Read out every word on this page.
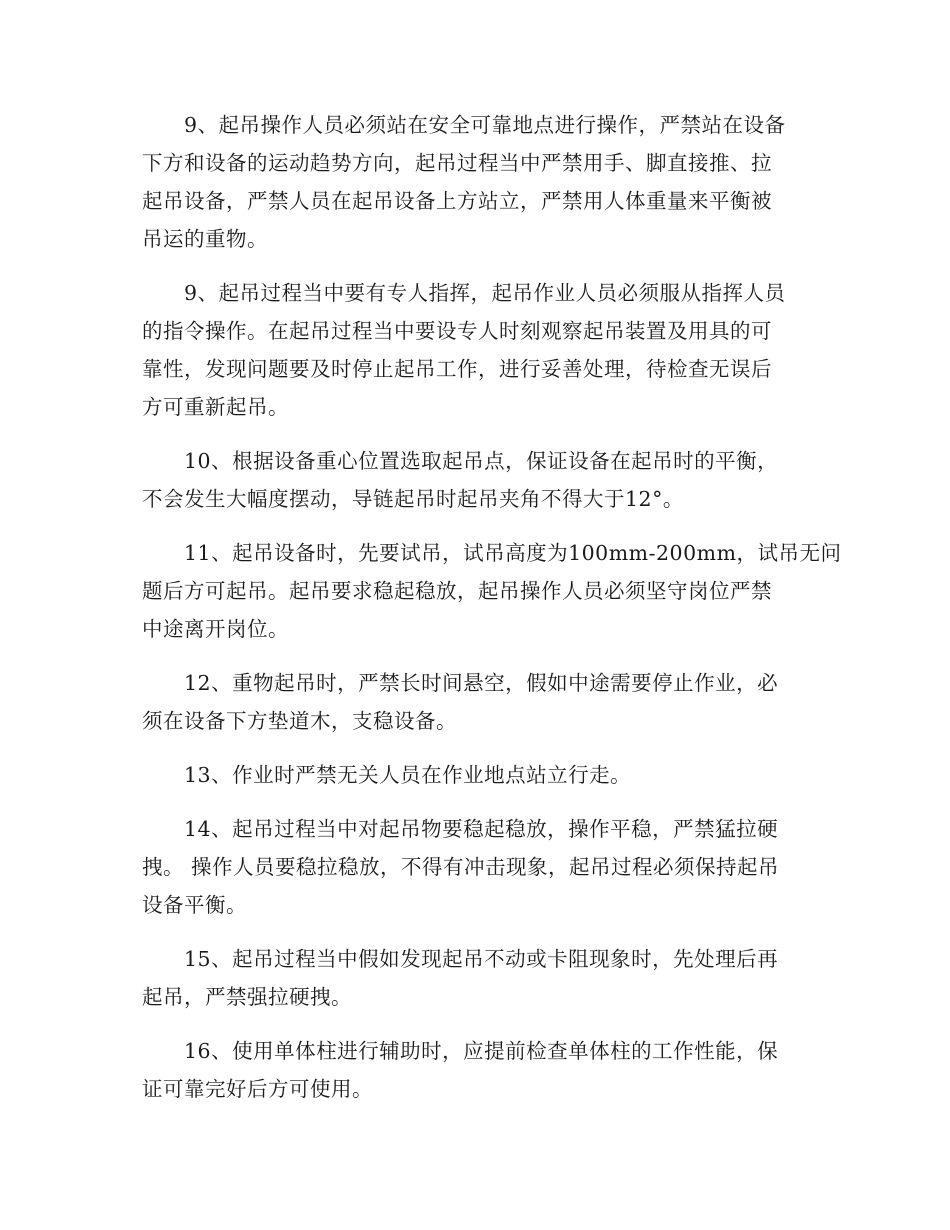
9、起吊操作人员必须站在安全可靠地点进行操作，严禁站在设备
下方和设备的运动趋势方向，起吊过程当中严禁用手、脚直接推、拉
起吊设备，严禁人员在起吊设备上方站立，严禁用人体重量来平衡被
吊运的重物。

9、起吊过程当中要有专人指挥，起吊作业人员必须服从指挥人员
的指令操作。在起吊过程当中要设专人时刻观察起吊装置及用具的可
靠性，发现问题要及时停止起吊工作，进行妥善处理，待检查无误后
方可重新起吊。

10、根据设备重心位置选取起吊点，保证设备在起吊时的平衡，
不会发生大幅度摆动，导链起吊时起吊夹角不得大于12°。

11、起吊设备时，先要试吊，试吊高度为100mm-200mm，试吊无问
题后方可起吊。起吊要求稳起稳放，起吊操作人员必须坚守岗位严禁
中途离开岗位。

12、重物起吊时，严禁长时间悬空，假如中途需要停止作业，必
须在设备下方垫道木，支稳设备。

13、作业时严禁无关人员在作业地点站立行走。

14、起吊过程当中对起吊物要稳起稳放，操作平稳，严禁猛拉硬
拽。 操作人员要稳拉稳放，不得有冲击现象，起吊过程必须保持起吊
设备平衡。

15、起吊过程当中假如发现起吊不动或卡阻现象时，先处理后再
起吊，严禁强拉硬拽。

16、使用单体柱进行辅助时，应提前检查单体柱的工作性能，保
证可靠完好后方可使用。
